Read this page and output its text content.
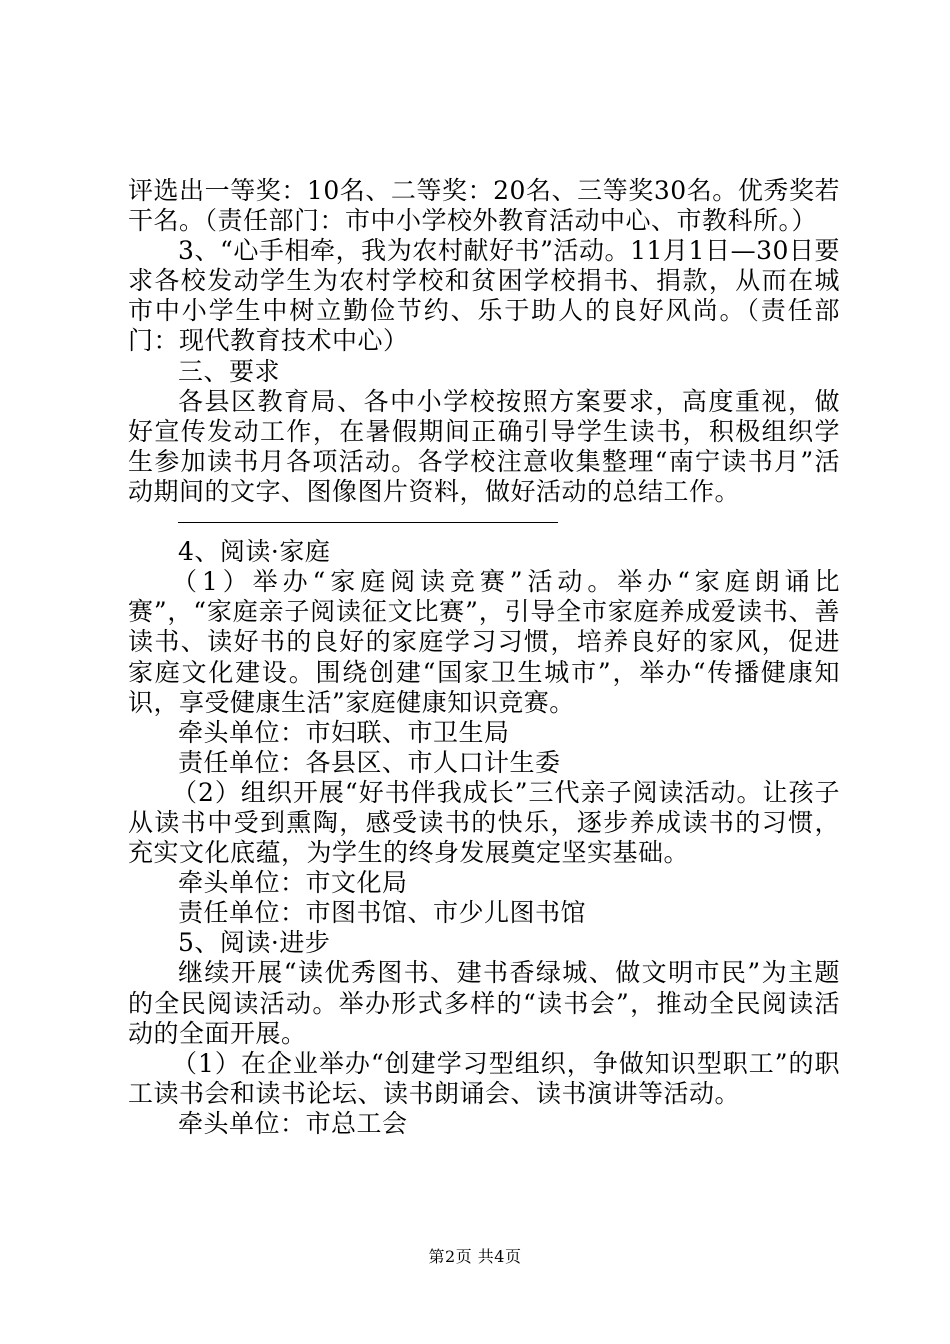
评选出一等奖：10名、二等奖：20名、三等奖30名。优秀奖若干名。（责任部门：市中小学校外教育活动中心、市教科所。）

3、“心手相牵，我为农村献好书”活动。11月1日—30日要求各校发动学生为农村学校和贫困学校捐书、捐款，从而在城市中小学生中树立勤俭节约、乐于助人的良好风尚。（责任部门：现代教育技术中心）

三、要求

各县区教育局、各中小学校按照方案要求，高度重视，做好宣传发动工作，在暑假期间正确引导学生读书，积极组织学生参加读书月各项活动。各学校注意收集整理“南宁读书月”活动期间的文字、图像图片资料，做好活动的总结工作。

4、阅读·家庭

（1）举办“家庭阅读竞赛”活动。举办“家庭朗诵比赛”，“家庭亲子阅读征文比赛”，引导全市家庭养成爱读书、善读书、读好书的良好的家庭学习习惯，培养良好的家风，促进家庭文化建设。围绕创建“国家卫生城市”，举办“传播健康知识，享受健康生活”家庭健康知识竞赛。

牵头单位：市妇联、市卫生局

责任单位：各县区、市人口计生委

（2）组织开展“好书伴我成长”三代亲子阅读活动。让孩子从读书中受到熏陶，感受读书的快乐，逐步养成读书的习惯，充实文化底蕴，为学生的终身发展奠定坚实基础。

牵头单位：市文化局

责任单位：市图书馆、市少儿图书馆

5、阅读·进步

继续开展“读优秀图书、建书香绿城、做文明市民”为主题的全民阅读活动。举办形式多样的“读书会”，推动全民阅读活动的全面开展。

（1）在企业举办“创建学习型组织，争做知识型职工”的职工读书会和读书论坛、读书朗诵会、读书演讲等活动。

牵头单位：市总工会

第2页 共4页
